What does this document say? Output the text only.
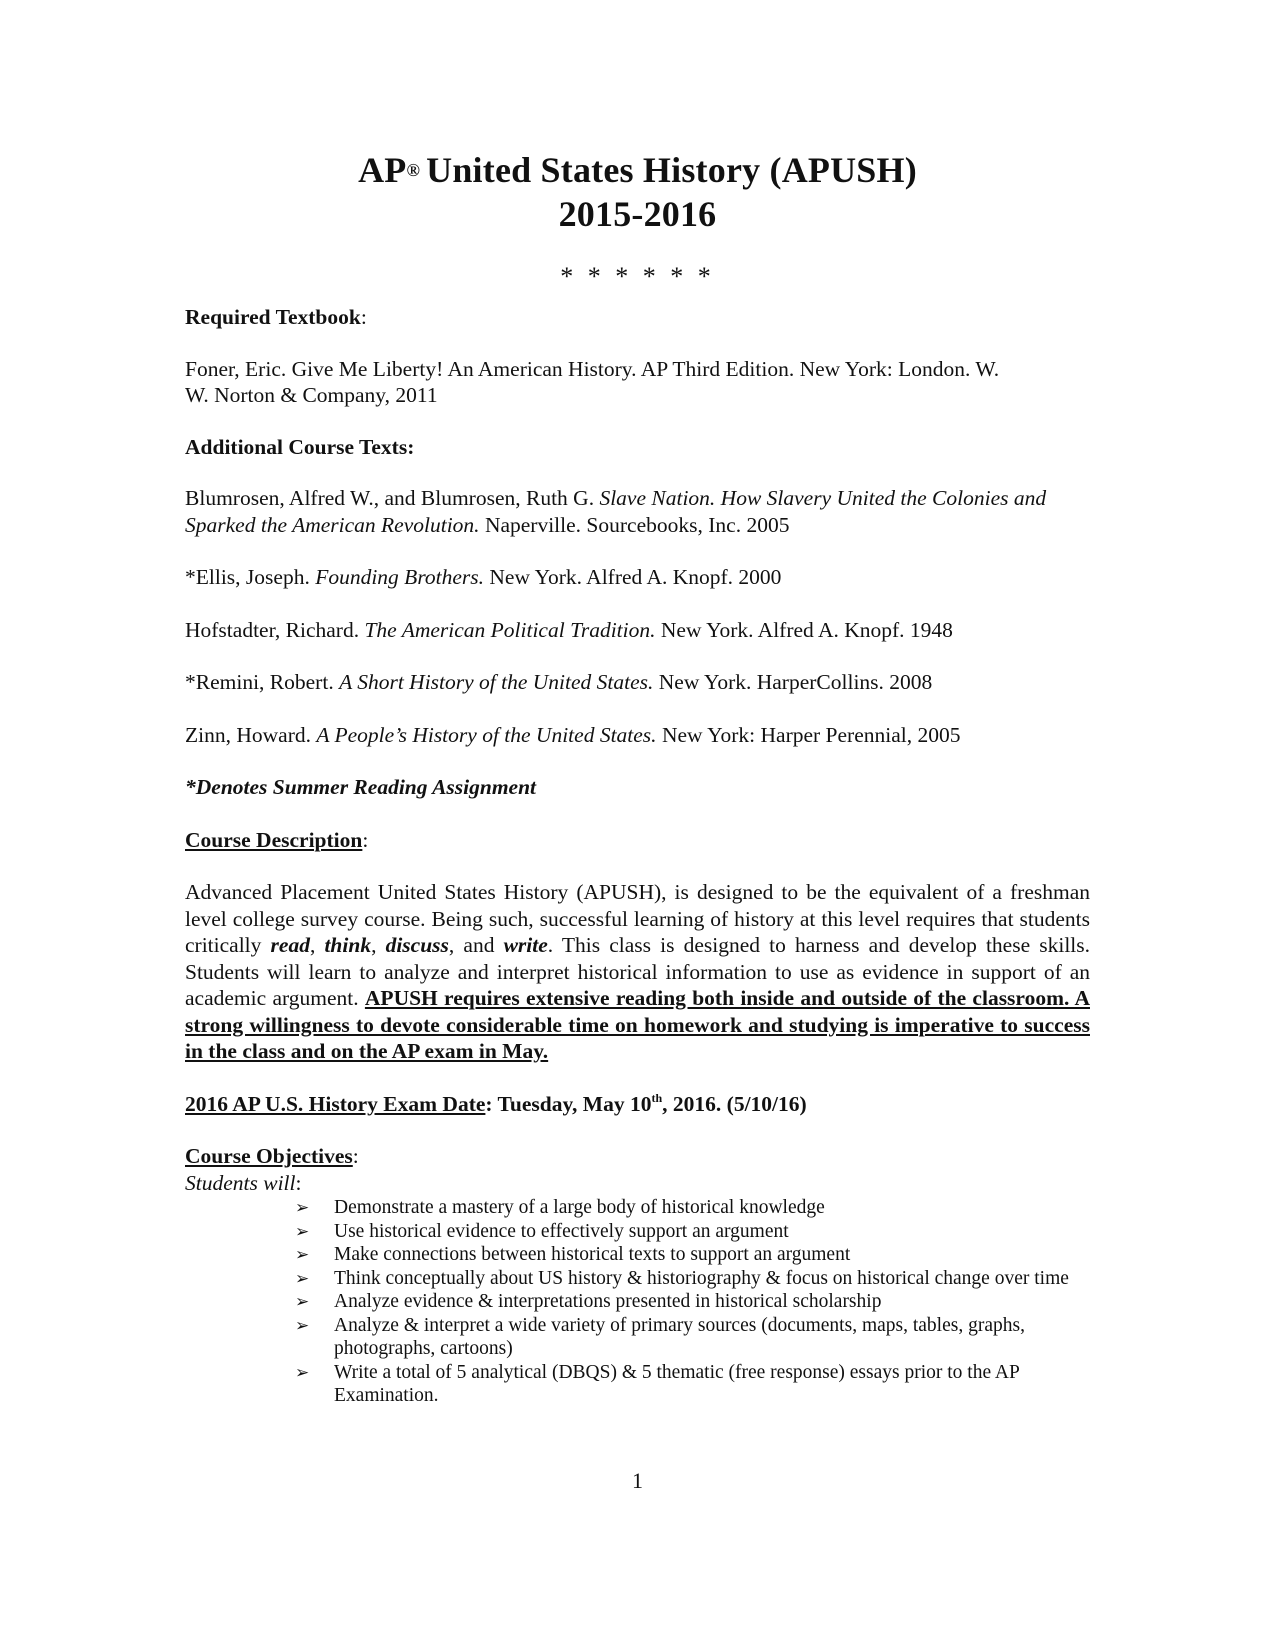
AP® United States History (APUSH)
2015-2016
* * * * * *

Required Textbook:

Foner, Eric. Give Me Liberty! An American History. AP Third Edition. New York: London. W.
W. Norton & Company, 2011

Additional Course Texts:

Blumrosen, Alfred W., and Blumrosen, Ruth G. Slave Nation. How Slavery United the Colonies and Sparked the American Revolution. Naperville. Sourcebooks, Inc. 2005

*Ellis, Joseph. Founding Brothers. New York. Alfred A. Knopf. 2000

Hofstadter, Richard. The American Political Tradition. New York. Alfred A. Knopf. 1948

*Remini, Robert. A Short History of the United States. New York. HarperCollins. 2008

Zinn, Howard. A People’s History of the United States. New York: Harper Perennial, 2005

*Denotes Summer Reading Assignment

Course Description:

Advanced Placement United States History (APUSH), is designed to be the equivalent of a freshman level college survey course. Being such, successful learning of history at this level requires that students critically read, think, discuss, and write. This class is designed to harness and develop these skills. Students will learn to analyze and interpret historical information to use as evidence in support of an academic argument. APUSH requires extensive reading both inside and outside of the classroom. A strong willingness to devote considerable time on homework and studying is imperative to success in the class and on the AP exam in May.

2016 AP U.S. History Exam Date: Tuesday, May 10th, 2016. (5/10/16)

Course Objectives:

Students will:

➢ Demonstrate a mastery of a large body of historical knowledge
➢ Use historical evidence to effectively support an argument
➢ Make connections between historical texts to support an argument
➢ Think conceptually about US history & historiography & focus on historical change over time
➢ Analyze evidence & interpretations presented in historical scholarship
➢ Analyze & interpret a wide variety of primary sources (documents, maps, tables, graphs, photographs, cartoons)
➢ Write a total of 5 analytical (DBQS) & 5 thematic (free response) essays prior to the AP Examination.
1
